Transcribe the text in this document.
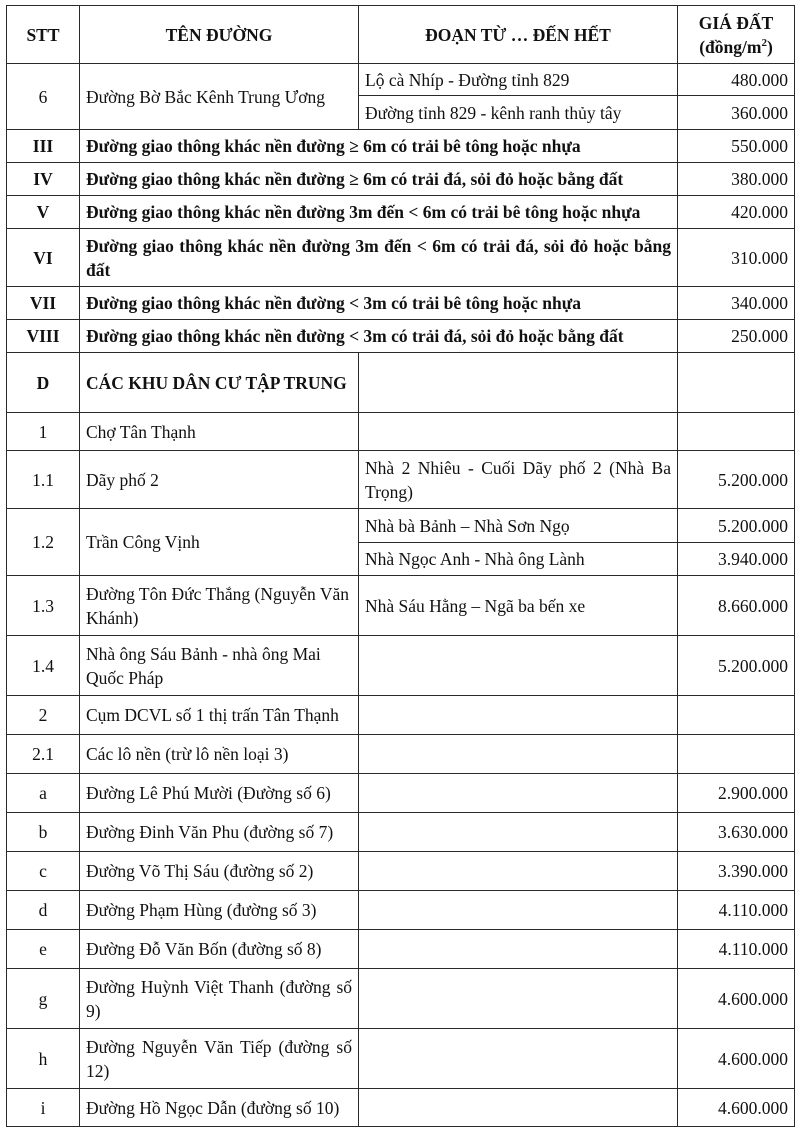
STT	TÊN ĐƯỜNG	ĐOẠN TỪ … ĐẾN HẾT	GIÁ ĐẤT
$(đồng/m^2)$
6	Đường Bờ Bắc Kênh Trung Ương	Lộ cà Nhíp - Đường tỉnh 829	480.000
		Đường tỉnh 829 - kênh ranh thủy tây	360.000
III	Đường giao thông khác nền đường ≥ 6m có trải bê tông hoặc nhựa		550.000
IV	Đường giao thông khác nền đường ≥ 6m có trải đá, sỏi đỏ hoặc bằng đất		380.000
V	Đường giao thông khác nền đường 3m đến < 6m có trải bê tông hoặc nhựa		420.000
VI	Đường giao thông khác nền đường 3m đến < 6m có trải đá, sỏi đỏ hoặc bằng đất		310.000
VII	Đường giao thông khác nền đường < 3m có trải bê tông hoặc nhựa		340.000
VIII	Đường giao thông khác nền đường < 3m có trải đá, sỏi đỏ hoặc bằng đất		250.000
D	CÁC KHU DÂN CƯ TẬP TRUNG		
1	Chợ Tân Thạnh		
1.1	Dãy phố 2	Nhà 2 Nhiêu - Cuối Dãy phố 2 (Nhà Ba Trọng)	5.200.000
1.2	Trần Công Vịnh	Nhà bà Bảnh – Nhà Sơn Ngọ	5.200.000
		Nhà Ngọc Anh - Nhà ông Lành	3.940.000
1.3	Đường Tôn Đức Thắng (Nguyễn Văn Khánh)	Nhà Sáu Hằng – Ngã ba bến xe	8.660.000
1.4	Nhà ông Sáu Bảnh - nhà ông Mai Quốc Pháp		5.200.000
2	Cụm DCVL số 1 thị trấn Tân Thạnh		
2.1	Các lô nền (trừ lô nền loại 3)		
a	Đường Lê Phú Mười (Đường số 6)		2.900.000
b	Đường Đinh Văn Phu (đường số 7)		3.630.000
c	Đường Võ Thị Sáu (đường số 2)		3.390.000
d	Đường Phạm Hùng (đường số 3)		4.110.000
e	Đường Đỗ Văn Bốn (đường số 8)		4.110.000
g	Đường Huỳnh Việt Thanh (đường số 9)		4.600.000
h	Đường Nguyễn Văn Tiếp (đường số 12)		4.600.000
i	Đường Hồ Ngọc Dẫn (đường số 10)		4.600.000
